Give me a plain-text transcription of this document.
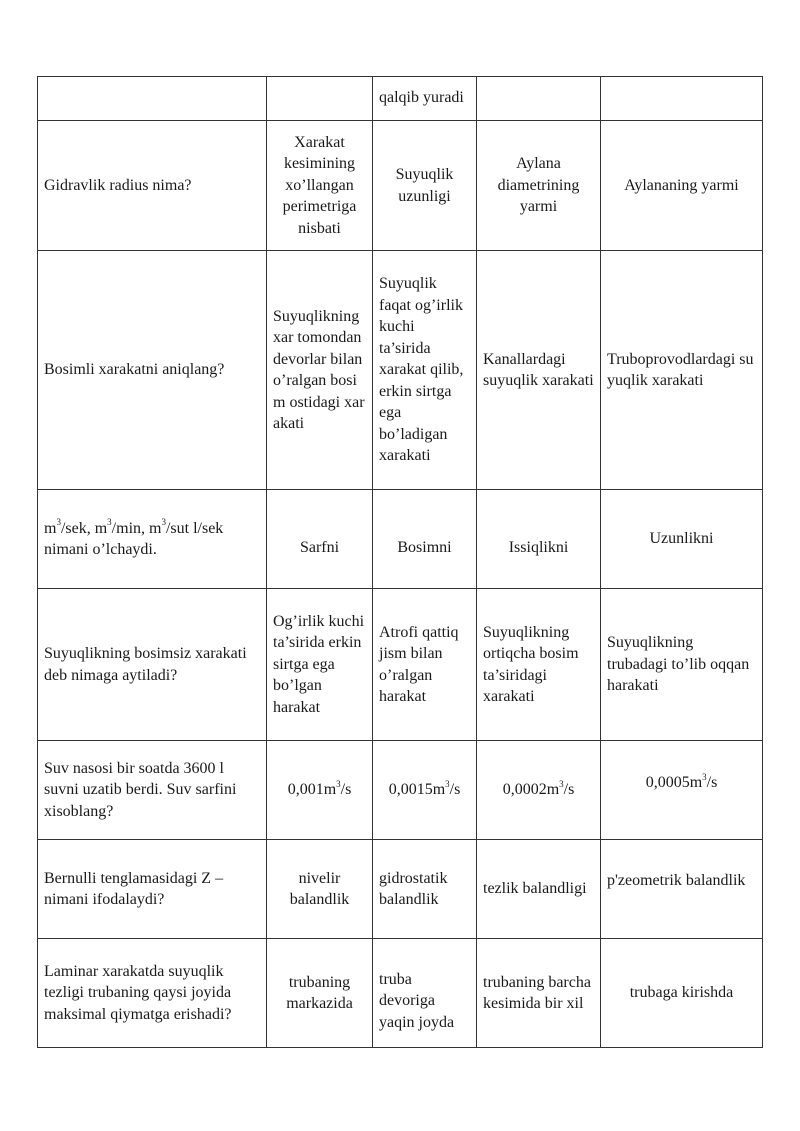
		qalqib yuradi		
Gidravlik radius nima?	Xarakat kesimining xo’llangan perimetriga nisbati	Suyuqlik uzunligi	Aylana diametrining yarmi	Aylananing yarmi
Bosimli xarakatni aniqlang?	Suyuqlikning xar tomondan devorlar bilan o’ralgan bosim ostidagi xarakati	Suyuqlik faqat og’irlik kuchi ta’sirida xarakat qilib, erkin sirtga ega bo’ladigan xarakati	Kanallardagi suyuqlik xarakati	Truboprovodlardagi suyuqlik xarakati
$m^3$/sek, $m^3/\min$, $m^3$/sut l/sek nimani o’lchaydi.	Sarfni	Bosimni	Issiqlikni	Uzunlikni
Suyuqlikning bosimsiz xarakati deb nimaga aytiladi?	Og’irlik kuchi ta’sirida erkin sirtga ega bo’lgan harakat	Atrofi qattiq jism bilan o’ralgan harakat	Suyuqlikning ortiqcha bosim ta’siridagi xarakati	Suyuqlikning trubadagi to’lib oqqan harakati
Suv nasosi bir soatda 3600 l suvni uzatib berdi. Suv sarfini xisoblang?	$0,001m^3/s$	$0,0015m^3/s$	$0,0002m^3/s$	$0,0005m^3/s$
Bernulli tenglamasidagi Z – nimani ifodalaydi?	nivelir balandlik	gidrostatik balandlik	tezlik balandligi	p'zeometrik balandlik
Laminar xarakatda suyuqlik tezligi trubaning qaysi joyida maksimal qiymatga erishadi?	trubaning markazida	truba devoriga yaqin joyda	trubaning barcha kesimida bir xil	trubaga kirishda
